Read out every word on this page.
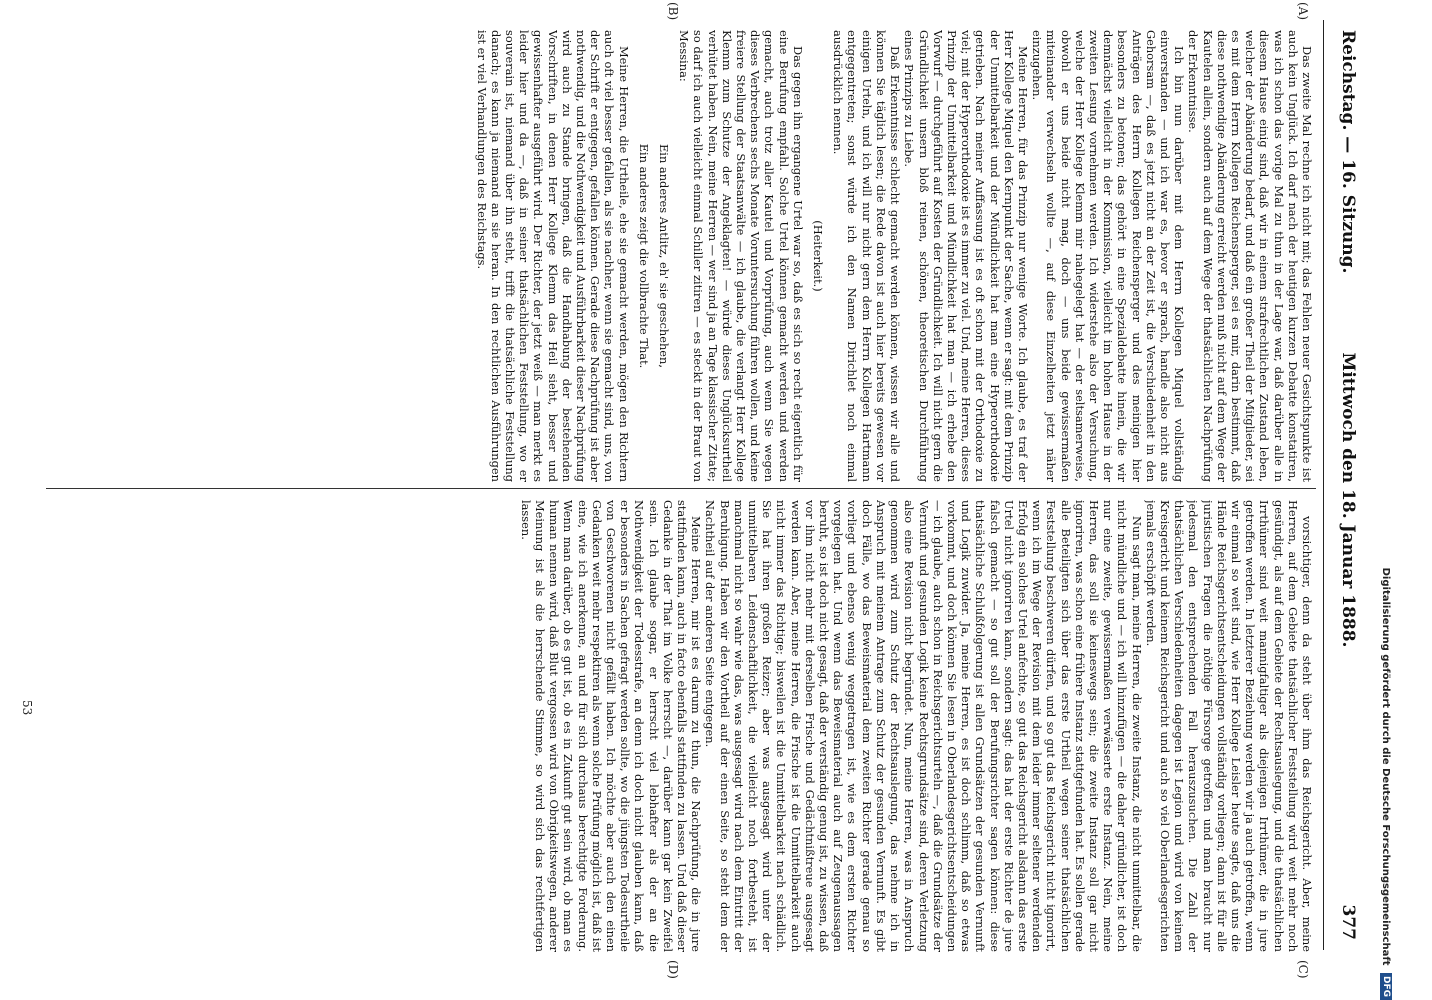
Reichstag. — 16. Sitzung.
Mittwoch den 18. Januar 1888.
377
(A)
(B)
(C)
(D)

Das zweite Mal rechne ich nicht mit; das Fehlen neuer Gesichtspunkte ist auch kein Unglück. Ich darf nach der heutigen kurzen Debatte konstatiren, was ich schon das vorige Mal zu thun in der Lage war, daß darüber alle in diesem Hause einig sind, daß wir in einem strafrechtlichen Zustand leben, welcher der Abänderung bedarf, und daß ein großer Theil der Mitglieder, sei es mit dem Herrn Kollegen Reichensperger, sei es mir, darin bestimmt, daß diese nothwendige Abänderung erreicht werden muß nicht auf dem Wege der Kautelen allein, sondern auch auf dem Wege der thatsächlichen Nachprüfung der Erkenntnisse.

Ich bin nun darüber mit dem Herrn Kollegen Miquel vollständig einverstanden — und ich war es, bevor er sprach, handle also nicht aus Gehorsam —, daß es jetzt nicht an der Zeit ist, die Verschiedenheit in den Anträgen des Herrn Kollegen Reichensperger und des meinigen hier besonders zu betonen; das gehört in eine Spezialdebatte hinein, die wir demnächst vielleicht in der Kommission, vielleicht im hohen Hause in der zweiten Lesung vornehmen werden. Ich widerstehe also der Versuchung, welche der Herr Kollege Klemm mir nahegelegt hat — der seltsamerweise, obwohl er uns beide nicht mag, doch — uns beide gewissermaßen miteinander verwechseln wollte —, auf diese Einzelheiten jetzt näher einzugehen.

Meine Herren, für das Prinzip nur wenige Worte. Ich glaube, es traf der Herr Kollege Miquel den Kernpunkt der Sache, wenn er sagt: mit dem Prinzip der Unmittelbarkeit und der Mündlichkeit hat man eine Hyperorthodoxie getrieben. Nach meiner Auffassung ist es oft schon mit der Orthodoxie zu viel; mit der Hyperorthodoxie ist es immer zu viel. Und, meine Herren, dieses Prinzip der Unmittelbarkeit und Mündlichkeit hat man — ich erhebe den Vorwurf — durchgeführt auf Kosten der Gründlichkeit. Ich will nicht gern die Gründlichkeit unsern bloß reinen, schönen, theoretischen Durchführung eines Prinzips zu Liebe.

Daß Erkenntnisse schlecht gemacht werden können, wissen wir alle und können Sie täglich lesen; die Rede davon ist auch hier bereits gewesen vor einigen Urteln, und ich will nur nicht gern dem Herrn Kollegen Hartmann entgegentreten; sonst würde ich den Namen Dirichlet noch einmal ausdrücklich nennen.

(Heiterkeit.)

Das gegen ihn ergangene Urtel war so, daß es sich so recht eigentlich für eine Berufung empfahl. Solche Urtel können gemacht werden und werden gemacht, auch trotz aller Kautel und Vorprüfung, auch wenn Sie wegen dieses Verbrechens sechs Monate Voruntersuchung führen wollen, und keine freiere Stellung der Staatsanwälte — ich glaube, die verlangt Herr Kollege Klemm zum Schutze der Angeklagten! — würde dieses Unglücksurtheil verhütet haben. Nein, meine Herren — wer sind ja an Tage klassischer Zitate; so darf ich auch vielleicht einmal Schiller zitiren — es steckt in der Braut von Messina:

Ein anderes Antlitz, eh' sie geschehen,

Ein anderes zeigt die vollbrachte That.

Meine Herren, die Urtheile, ehe sie gemacht werden, mögen den Richtern auch oft viel besser gefallen, als sie nachher, wenn sie gemacht sind, uns, von der Schrift er entgegen, gefallen können. Gerade diese Nachprüfung ist aber nothwendig, und die Nothwendigkeit und Ausführbarkeit dieser Nachprüfung wird auch zu Stande bringen, daß die Handhabung der bestehenden Vorschriften, in denen Herr Kollege Klemm das Heil sieht, besser und gewissenhafter ausgeführt wird. Der Richter, der jetzt weiß — man merkt es leider hier und da —, daß in seiner thatsächlichen Feststellung, wo er souverain ist, niemand über ihn steht, trifft die thatsächliche Feststellung danach; es kann ja niemand an sie heran. In den rechtlichen Ausführungen ist er viel Verhandlungen des Reichstags.

vorsichtiger, denn da steht über ihm das Reichsgericht. Aber, meine Herren, auf dem Gebiete thatsächlicher Feststellung wird weit mehr noch gesündigt, als auf dem Gebiete der Rechtsauslegung, und die thatsächlichen Irrthümer sind weit mannigfaltiger als diejenigen Irrthümer, die in jure getroffen werden. In letzterer Beziehung werden wir ja auch getroffen, wenn wir einmal so weit sind, wie Herr Kollege Leisler heute sagte, daß uns die Hände Reichsgerichtsentscheidungen vollständig vorliegen; dann ist für alle juristischen Fragen die nöthige Fürsorge getroffen und man braucht nur jedesmal den entsprechenden Fall herauszusuchen. Die Zahl der thatsächlichen Verschiedenheiten dagegen ist Legion und wird von keinem Kreisgericht und keinem Reichsgericht und auch so viel Oberlandesgerichten jemals erschöpft werden.

Nun sagt man, meine Herren, die zweite Instanz, die nicht unmittelbar, die nicht mündliche und — ich will hinzufügen — die daher gründlicher, ist doch nur eine zweite, gewissermaßen verwässerte erste Instanz. Nein, meine Herren, das soll sie keineswegs sein; die zweite Instanz soll gar nicht ignoriren, was schon eine frühere Instanz stattgefunden hat. Es sollen gerade alle Beteiligten sich über das erste Urtheil wegen seiner thatsächlichen Feststellung beschweren dürfen, und so gut das Reichsgericht nicht ignorirt, wenn ich im Wege der Revision mit dem leider immer seltener werdenden Erfolg ein solches Urtel anfechte, so gut das Reichsgericht alsdann das erste Urtel nicht ignoriren kann, sondern sagt: das hat der erste Richter de jure falsch gemacht — so gut soll der Berufungsrichter sagen können: diese thatsächliche Schlußfolgerung ist allen Grundsätzen der gesunden Vernunft und Logik zuwider. Ja, meine Herren, es ist doch schlimm, daß so etwas vorkommt, und doch können Sie lesen in Oberlandesgerichtsentscheidungen — ich glaube, auch schon in Reichsgerichtsurteln —, daß die Grundsätze der Vernunft und gesunden Logik keine Rechtsgrundsätze sind, deren Verletzung also eine Revision nicht begründet. Nun, meine Herren, was in Anspruch genommen wird zum Schutz der Rechtsauslegung, das nehme ich in Anspruch mit meinem Antrage zum Schutz der gesunden Vernunft. Es gibt doch Fälle, wo das Beweismaterial dem zweiten Richter gerade genau so vorliegt und ebenso wenig weggetragen ist, wie es dem ersten Richter vorgelegen hat. Und wenn das Beweismaterial auch auf Zeugenaussagen beruht, so ist doch nicht gesagt, daß der verständig genug ist, zu wissen, daß vor ihm nicht mehr mit derselben Frische und Gedächtnißtreue ausgesagt werden kann. Aber, meine Herren, die Frische ist die Unmittelbarkeit auch nicht immer das Richtige; bisweilen ist die Unmittelbarkeit nach schädlich. Sie hat ihren großen Reizer; aber was ausgesagt wird unter der unmittelbaren Leidenschaftlichkeit, die vielleicht noch fortbesteht, ist manchmal nicht so wahr wie das, was ausgesagt wird nach dem Eintritt der Beruhigung. Haben wir den Vortheil auf der einen Seite, so steht dem der Nachtheil auf der anderen Seite entgegen.

Meine Herren, mir ist es darum zu thun, die Nachprüfung, die in jure stattfinden kann, auch in facto ebenfalls stattfinden zu lassen. Und daß dieser Gedanke in der That im Volke herrscht —, darüber kann gar kein Zweifel sein. Ich glaube sogar, er herrscht viel lebhafter als der an die Nothwendigkeit der Todesstrafe, an denn ich doch nicht glauben kann, daß er besonders in Sachen gefragt werden sollte, wo die jüngsten Todesurtheile von Geschworenen nicht gefällt haben. Ich möchte aber auch den einen Gedanken weit mehr respektiren als wenn solche Prüfung möglich ist, daß ist eine, wie ich anerkenne, an und für sich durchaus berechtigte Forderung. Wenn man darüber, ob es gut ist, ob es in Zukunft gut sein wird, ob man es human nennen wird, daß Blut vergossen wird von Obrigkeitswegen, anderer Meinung ist als die herrschende Stimme, so wird sich das rechtfertigen lassen.

53	Digitalisierung gefördert durch die Deutsche Forschungsgemeinschaft DFG
